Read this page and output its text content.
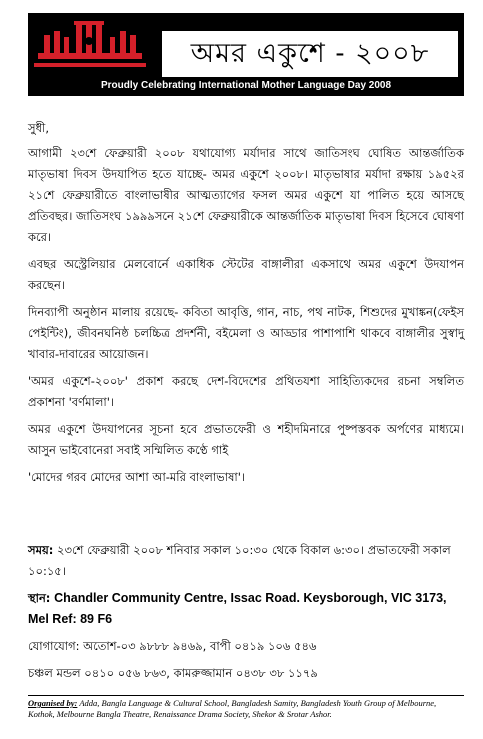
অমর একুশে - ২০০৮
Proudly Celebrating International Mother Language Day 2008

সুধী,

আগামী ২৩শে ফেব্রুয়ারী ২০০৮ যথাযোগ্য মর্যাদার সাথে জাতিসংঘ ঘোষিত আন্তর্জাতিক মাতৃভাষা দিবস উদযাপিত হতে যাচ্ছে- অমর একুশে ২০০৮। মাতৃভাষার মর্যাদা রক্ষায় ১৯৫২র ২১শে ফেব্রুয়ারীতে বাংলাভাষীর আত্মত্যাগের ফসল অমর একুশে যা পালিত হয়ে আসছে প্রতিবছর। জাতিসংঘ ১৯৯৯সনে ২১শে ফেব্রুয়ারীকে আন্তর্জাতিক মাতৃভাষা দিবস হিসেবে ঘোষণা করে।

এবছর অস্ট্রেলিয়ার মেলবোর্নে একাধিক স্টেটের বাঙ্গালীরা একসাথে অমর একুশে উদযাপন করছেন।

দিনব্যাপী অনুষ্ঠান মালায় রয়েছে- কবিতা আবৃত্তি, গান, নাচ, পথ নাটক, শিশুদের মুখাঙ্কন(ফেইস পেইন্টিং), জীবনঘনিষ্ঠ চলচ্চিত্র প্রদর্শনী, বইমেলা ও আড্ডার পাশাপাশি থাকবে বাঙ্গালীর সুস্বাদু খাবার-দাবারের আয়োজন।

'অমর একুশে-২০০৮' প্রকাশ করছে দেশ-বিদেশের প্রথিতযশা সাহিত্যিকদের রচনা সম্বলিত প্রকাশনা 'বর্ণমালা'।

অমর একুশে উদযাপনের সূচনা হবে প্রভাতফেরী ও শহীদমিনারে পুষ্পস্তবক অর্পণের মাধ্যমে। আসুন ভাইবোনেরা সবাই সম্মিলিত কণ্ঠে গাই

'মোদের গরব মোদের আশা আ-মরি বাংলাভাষা'।

সময়: ২৩শে ফেব্রুয়ারী ২০০৮ শনিবার সকাল ১০:৩০ থেকে বিকাল ৬:৩০। প্রভাতফেরী সকাল ১০:১৫।

স্থান: Chandler Community Centre, Issac Road. Keysborough, VIC 3173, Mel Ref: 89 F6

যোগাযোগ: অতোশ-০৩ ৯৮৮৮ ৯৪৬৯, বাপী ০৪১৯ ১০৬ ৫৪৬

চঞ্চল মন্ডল ০৪১০ ০৫৬ ৮৬৩, কামরুজ্জামান ০৪৩৮ ৩৮ ১১৭৯

Organised by: Adda, Bangla Language & Cultural School, Bangladesh Samity, Bangladesh Youth Group of Melbourne, Kothok, Melbourne Bangla Theatre, Renaissance Drama Society, Shekor & Srotar Ashor.
